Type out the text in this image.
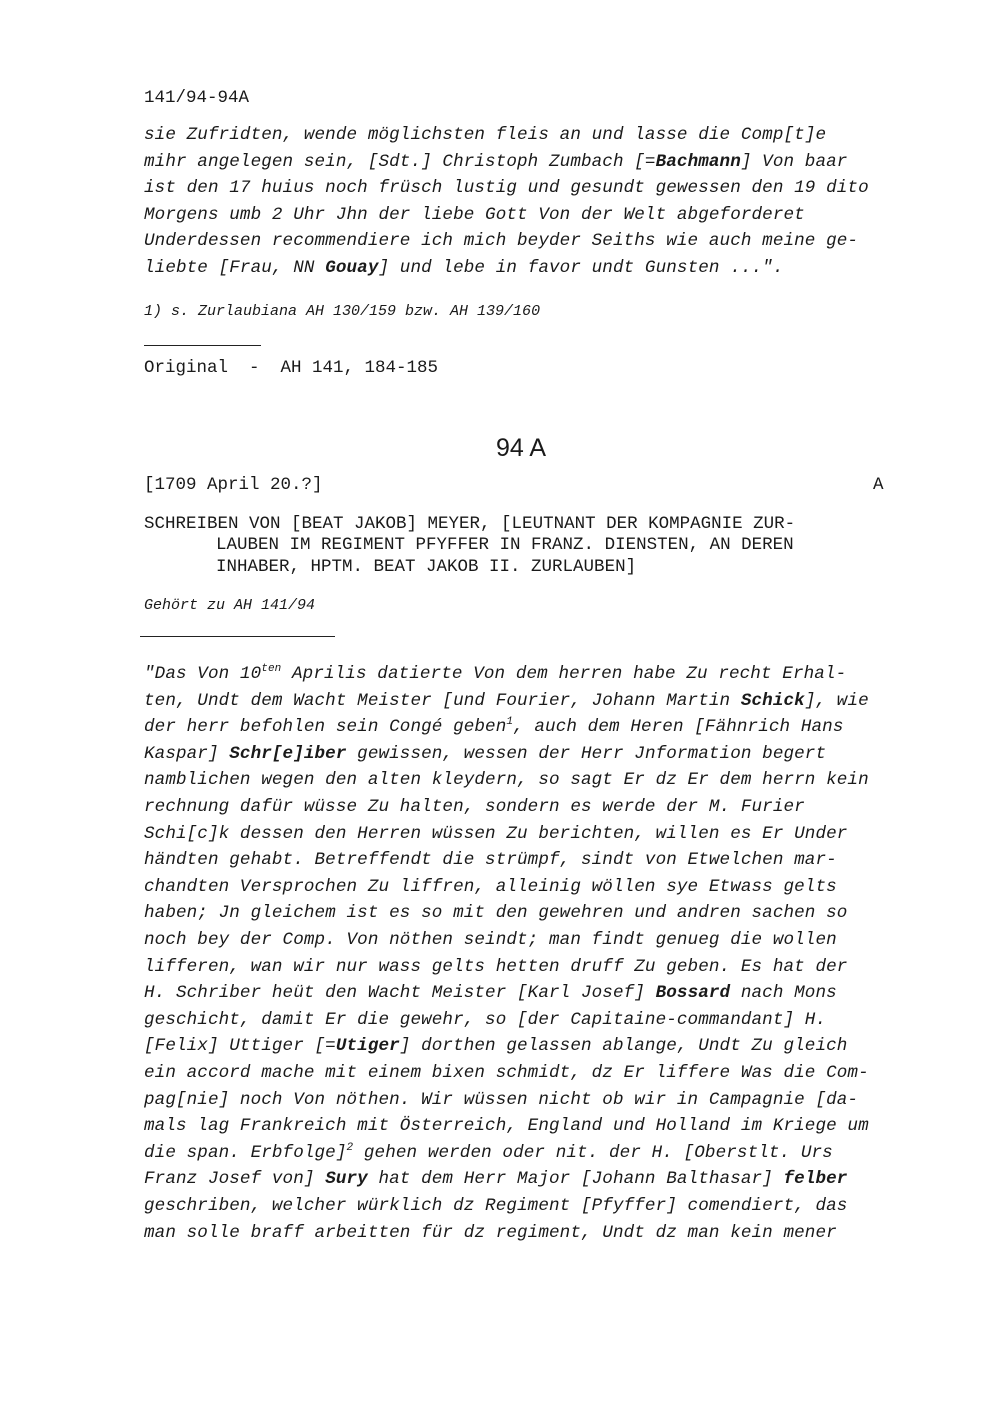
141/94-94A
sie Zufridten, wende möglichsten fleis an und lasse die Comp[t]e
mihr angelegen sein, [Sdt.] Christoph Zumbach [=Bachmann] Von baar
ist den 17 huius noch früsch lustig und gesundt gewessen den 19 dito
Morgens umb 2 Uhr Jhn der liebe Gott Von der Welt abgeforderet
Underdessen recommendiere ich mich beyder Seiths wie auch meine ge-
liebte [Frau, NN Gouay] und lebe in favor undt Gunsten ...".
1) s. Zurlaubiana AH 130/159 bzw. AH 139/160
Original  -  AH 141, 184-185
94 A
[1709 April 20.?]	A
SCHREIBEN VON [BEAT JAKOB] MEYER, [LEUTNANT DER KOMPAGNIE ZUR-
LAUBEN IM REGIMENT PFYFFER IN FRANZ. DIENSTEN, AN DEREN
INHABER, HPTM. BEAT JAKOB II. ZURLAUBEN]
Gehört zu AH 141/94
"Das Von $10^{ten}$ Aprilis datierte Von dem herren habe Zu recht Erhal-
ten, Undt dem Wacht Meister [und Fourier, Johann Martin Schick], wie
der herr befohlen sein Congé geben$^1$, auch dem Heren [Fähnrich Hans
Kaspar] Schr[e]iber gewissen, wessen der Herr Jnformation begert
namblichen wegen den alten kleydern, so sagt Er dz Er dem herrn kein
rechnung dafür wüsse Zu halten, sondern es werde der M. Furier
Schi[c]k dessen den Herren wüssen Zu berichten, willen es Er Under
händten gehabt. Betreffendt die strümpf, sindt von Etwelchen mar-
chandten Versprochen Zu liffren, alleinig wöllen sye Etwass gelts
haben; Jn gleichem ist es so mit den gewehren und andren sachen so
noch bey der Comp. Von nöthen seindt; man findt genueg die wollen
lifferen, wan wir nur wass gelts hetten druff Zu geben. Es hat der
H. Schriber heüt den Wacht Meister [Karl Josef] Bossard nach Mons
geschicht, damit Er die gewehr, so [der Capitaine-commandant] H.
[Felix] Uttiger [=Utiger] dorthen gelassen ablange, Undt Zu gleich
ein accord mache mit einem bixen schmidt, dz Er liffere Was die Com-
pag[nie] noch Von nöthen. Wir wüssen nicht ob wir in Campagnie [da-
mals lag Frankreich mit Österreich, England und Holland im Kriege um
die span. Erbfolge]$^2$ gehen werden oder nit. der H. [Oberstlt. Urs
Franz Josef von] Sury hat dem Herr Major [Johann Balthasar] felber
geschriben, welcher würklich dz Regiment [Pfyffer] comendiert, das
man solle braff arbeitten für dz regiment, Undt dz man kein mener
